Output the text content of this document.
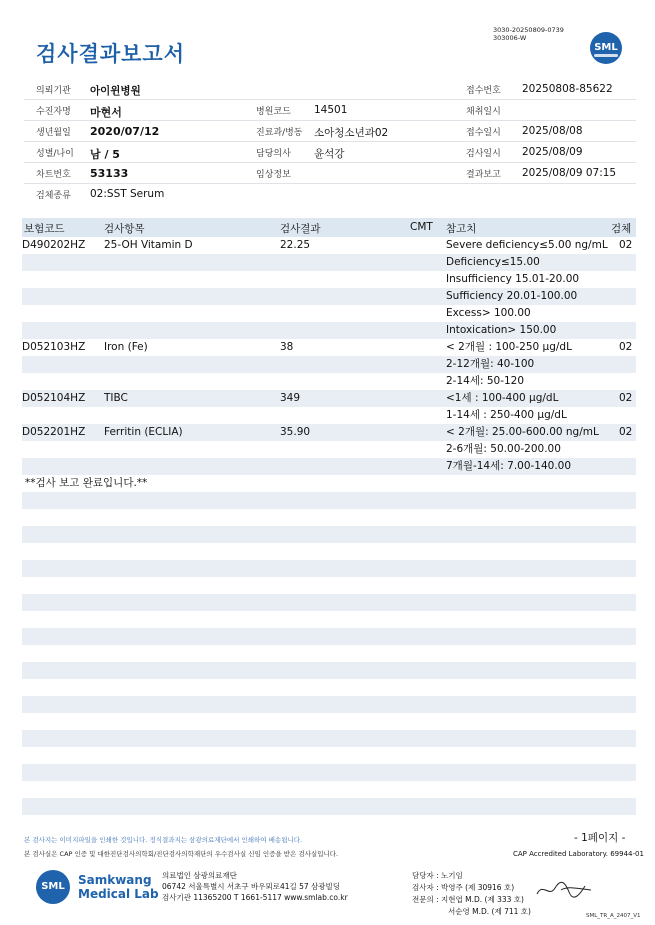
검사결과보고서
3030-20250809-0739
303006-W
SML
의뢰기관 아이윈병원	접수번호 20250808-85622
수진자명 마현서	병원코드 14501	채취일시
생년월일 2020/07/12	진료과/병동 소아청소년과02	접수일시 2025/08/08
성별/나이 남 / 5	담당의사 윤석강	검사일시 2025/08/09
차트번호 53133	임상정보	결과보고 2025/08/09 07:15
검체종류 02:SST Serum
보험코드	검사항목	검사결과	CMT 참고치	검체
D490202HZ 25-OH Vitamin D	22.25	Severe deficiency≤5.00 ng/mL 02
Deficiency≤15.00
Insufficiency 15.01-20.00
Sufficiency 20.01-100.00
Excess> 100.00
Intoxication> 150.00
D052103HZ Iron (Fe)	38	< 2개월 : 100-250 μg/dL	02
2-12개월: 40-100
2-14세: 50-120
D052104HZ TIBC	349	<1세 : 100-400 μg/dL	02
1-14세 : 250-400 μg/dL
D052201HZ Ferritin (ECLIA)	35.90	< 2개월: 25.00-600.00 ng/mL 02
2-6개월: 50.00-200.00
7개월-14세: 7.00-140.00
**검사 보고 완료입니다.**
- 1페이지 -
본 검사지는 이미지파일을 인쇄한 것입니다. 정식결과지는 삼광의료재단에서 인쇄하여 배송됩니다.
본 검사실은 CAP 인증 및 대한진단검사의학회/진단검사의학재단의 우수검사실 신임 인증을 받은 검사실입니다.	CAP Accredited Laboratory. 69944-01
SML	Samkwang
Medical Lab
의료법인 삼광의료재단
06742 서울특별시 서초구 바우뫼로41길 57 삼광빌딩
검사기관 11365200 T 1661-5117 www.smlab.co.kr
담당자 : 노기임
검사자 : 박영주 (제 30916 호)
전문의 : 지현엽 M.D. (제 333 호)
서순영 M.D. (제 711 호)	SML_TR_A_2407_V1
